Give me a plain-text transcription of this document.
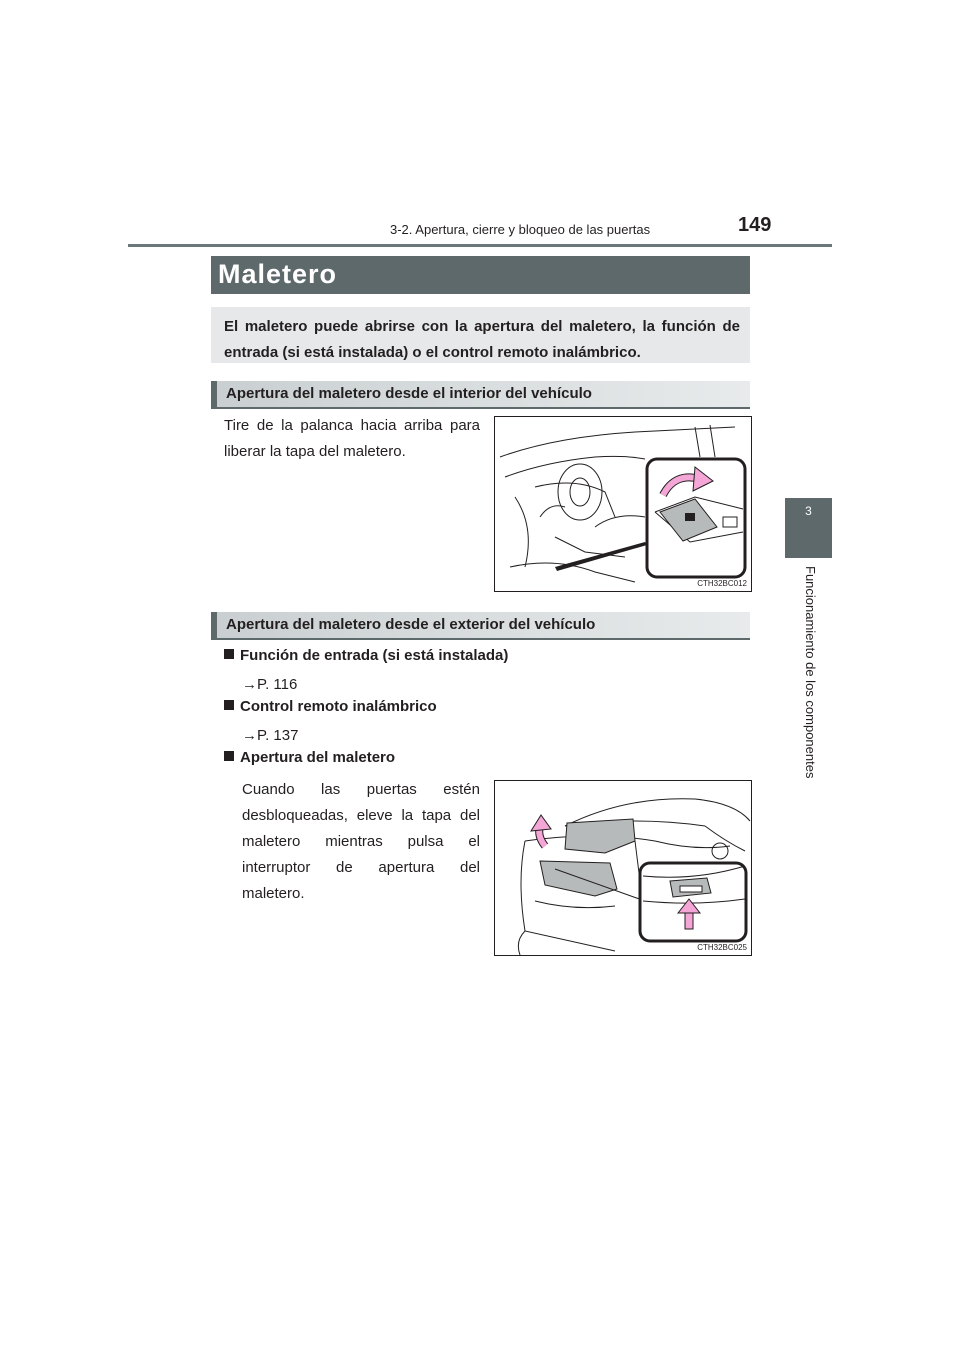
3-2. Apertura, cierre y bloqueo de las puertas	149
3
Funcionamiento de los componentes
Maletero
El maletero puede abrirse con la apertura del maletero, la función de entrada (si está instalada) o el control remoto inalámbrico.
Apertura del maletero desde el interior del vehículo
Tire de la palanca hacia arriba para liberar la tapa del maletero.
CTH32BC012
Apertura del maletero desde el exterior del vehículo
Función de entrada (si está instalada)
→P. 116
Control remoto inalámbrico
→P. 137
Apertura del maletero
Cuando las puertas estén desbloqueadas, eleve la tapa del maletero mientras pulsa el interruptor de apertura del maletero.
CTH32BC025
